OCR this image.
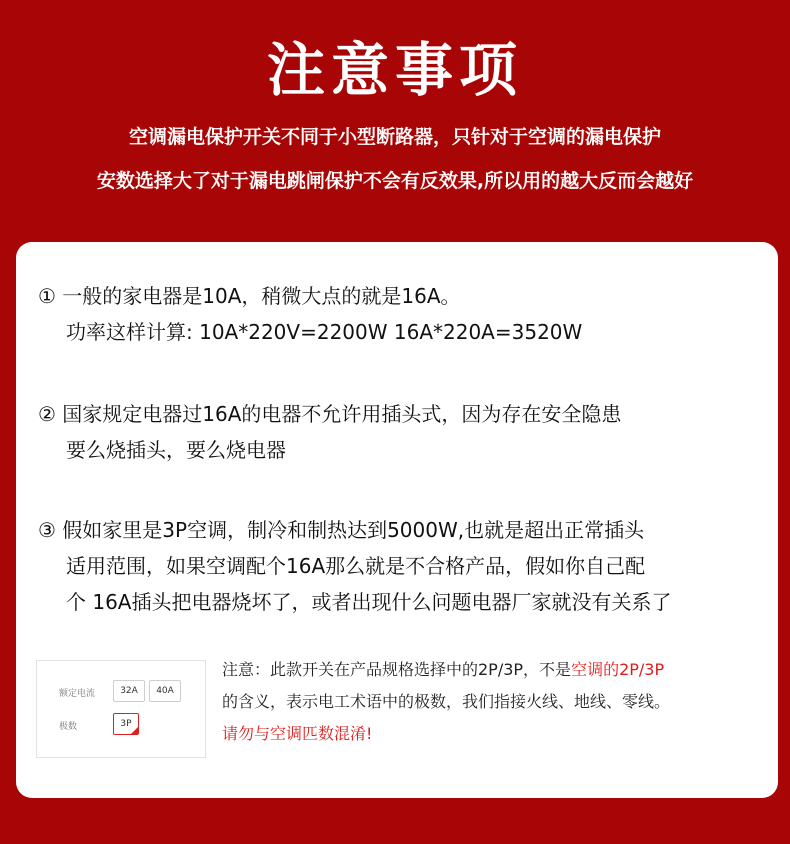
注意事项
空调漏电保护开关不同于小型断路器，只针对于空调的漏电保护
安数选择大了对于漏电跳闸保护不会有反效果,所以用的越大反而会越好
① 一般的家电器是10A，稍微大点的就是16A。
功率这样计算: 10A*220V=2200W 16A*220A=3520W
② 国家规定电器过16A的电器不允许用插头式，因为存在安全隐患
要么烧插头，要么烧电器
③ 假如家里是3P空调，制冷和制热达到5000W,也就是超出正常插头
适用范围，如果空调配个16A那么就是不合格产品，假如你自己配
个 16A插头把电器烧坏了，或者出现什么问题电器厂家就没有关系了
额定电流	32A	40A
极数	3P
注意：此款开关在产品规格选择中的2P/3P，不是空调的2P/3P
的含义，表示电工术语中的极数，我们指接火线、地线、零线。
请勿与空调匹数混淆!
